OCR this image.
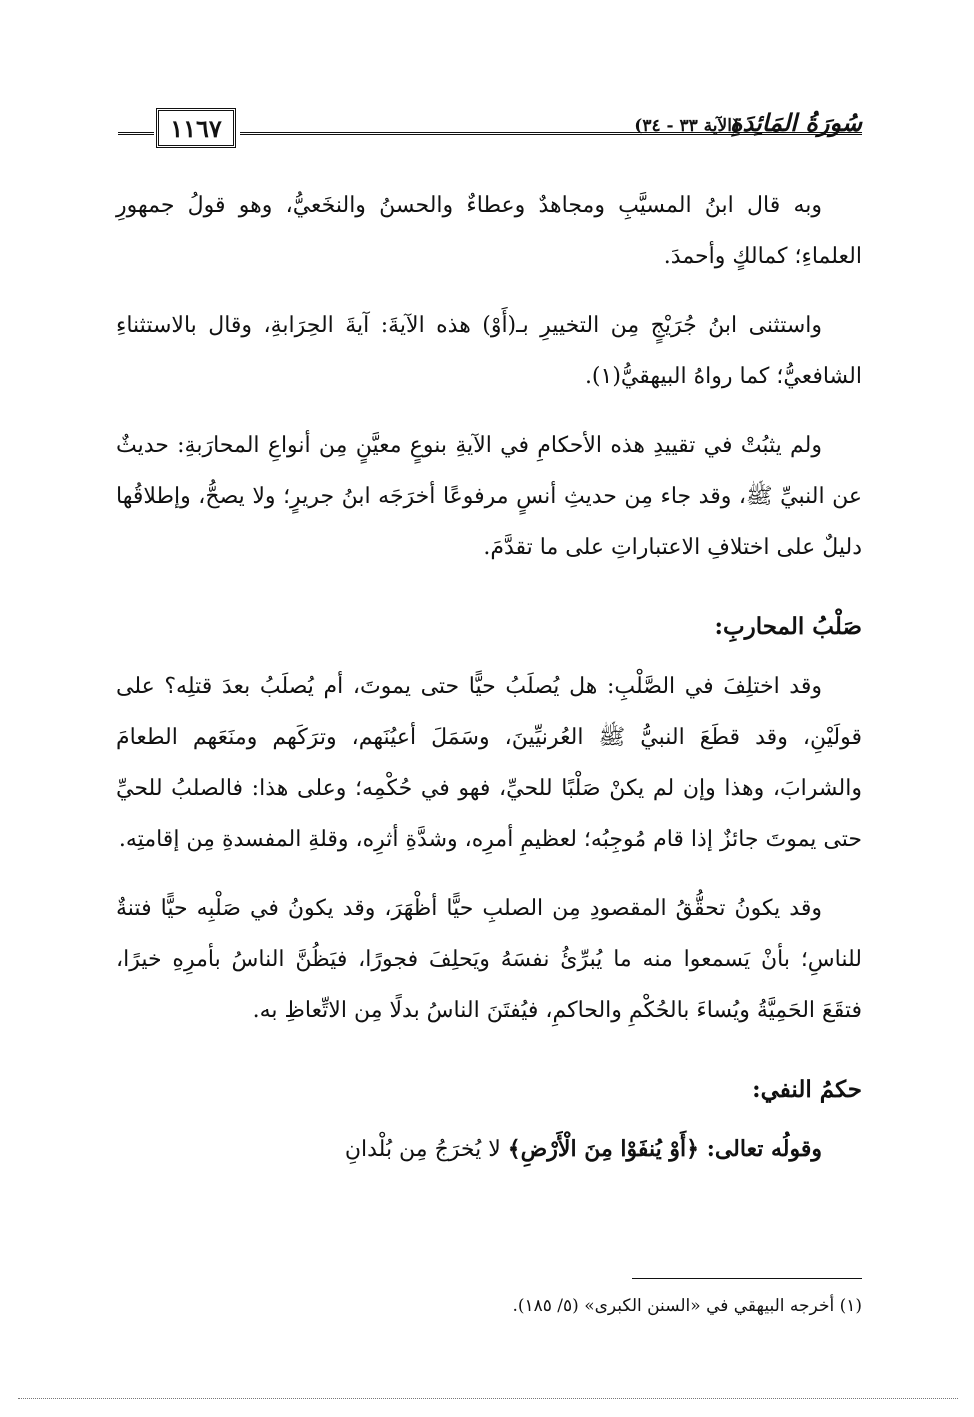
سُورَةُ المَائِدَةِ
(الآية ٣٣ - ٣٤)
١١٦٧

وبه قال ابنُ المسيَّبِ ومجاهدٌ وعطاءٌ والحسنُ والنخَعيُّ، وهو قولُ جمهورِ العلماءِ؛ كمالكٍ وأحمدَ.

واستثنى ابنُ جُرَيْجٍ مِن التخييرِ بـ(أَوْ) هذه الآيةَ: آيةَ الحِرَابةِ، وقال بالاستثناءِ الشافعيُّ؛ كما رواهُ البيهقيُّ(١).

ولم يثبُتْ في تقييدِ هذه الأحكامِ في الآيةِ بنوعٍ معيَّنٍ مِن أنواعِ المحارَبةِ: حديثٌ عن النبيِّ ﷺ، وقد جاء مِن حديثِ أنسٍ مرفوعًا أخرَجَه ابنُ جريرٍ؛ ولا يصحُّ، وإطلاقُها دليلٌ على اختلافِ الاعتباراتِ على ما تقدَّمَ.

صَلْبُ المحاربِ:

وقد اختلِفَ في الصَّلْبِ: هل يُصلَبُ حيًّا حتى يموتَ، أم يُصلَبُ بعدَ قتلِه؟ على قولَيْنِ، وقد قطَعَ النبيُّ ﷺ العُرنيِّينَ، وسَمَلَ أعيُنَهم، وترَكَهم ومنَعَهم الطعامَ والشرابَ، وهذا وإن لم يكنْ صَلْبًا للحيِّ، فهو في حُكْمِه؛ وعلى هذا: فالصلبُ للحيِّ حتى يموتَ جائزٌ إذا قام مُوجِبُه؛ لعظيمِ أمرِه، وشدَّةِ أثرِه، وقلةِ المفسدةِ مِن إقامتِه.

وقد يكونُ تحقُّقُ المقصودِ مِن الصلبِ حيًّا أظْهَرَ، وقد يكونُ في صَلْبِه حيًّا فتنةٌ للناسِ؛ بأنْ يَسمعوا منه ما يُبرِّئُ نفسَهُ ويَحلِفَ فجورًا، فيَظُنَّ الناسُ بأمرِهِ خيرًا، فتقَعَ الحَمِيَّةُ ويُساءَ بالحُكْمِ والحاكمِ، فيُفتَنَ الناسُ بدلًا مِن الاتِّعاظِ به.

حكمُ النفي:

وقولُه تعالى: ﴿أَوْ يُنفَوْا مِنَ الْأَرْضِ﴾ لا يُخرَجُ مِن بُلْدانِ

(١) أخرجه البيهقي في «السنن الكبرى» (٥/ ١٨٥).
